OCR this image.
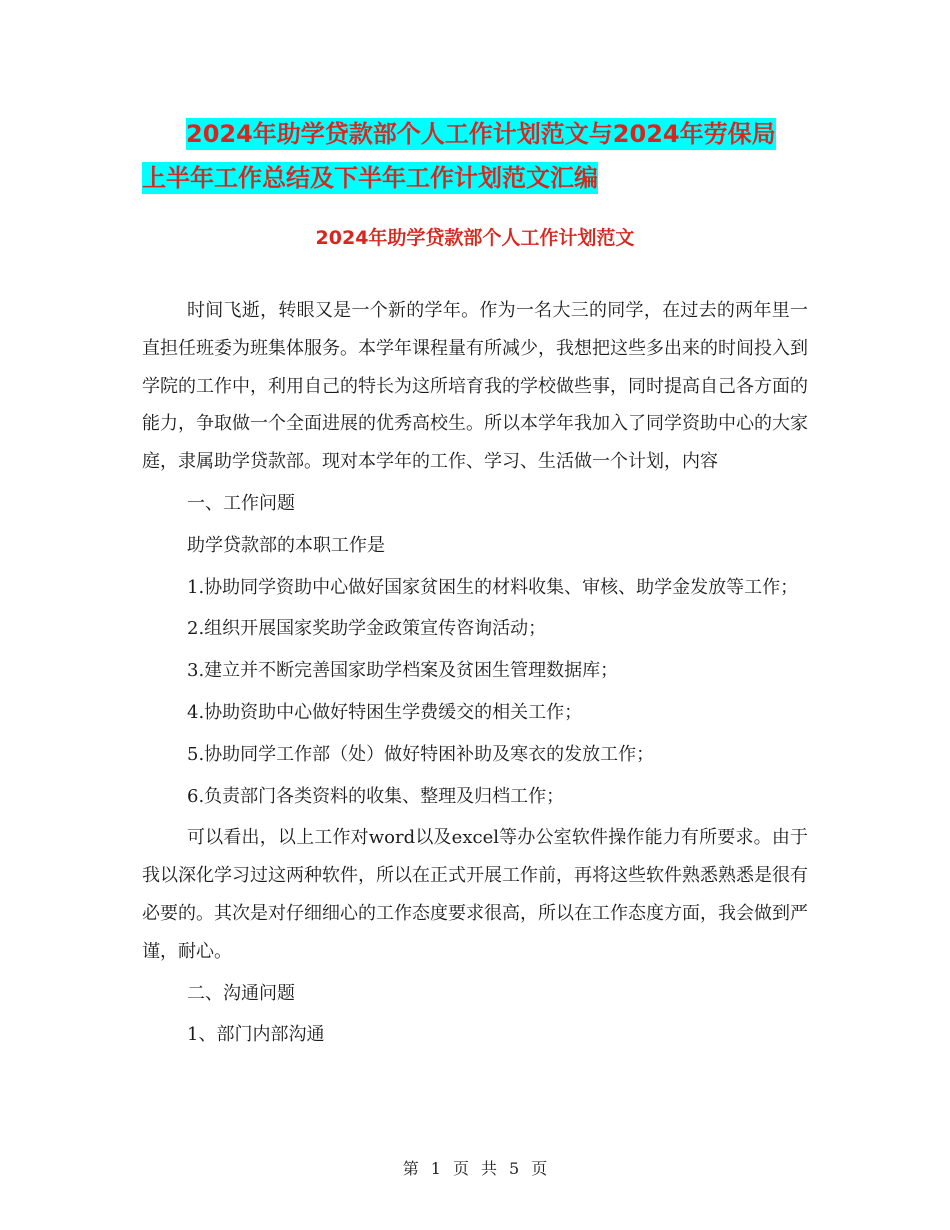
2024年助学贷款部个人工作计划范文与2024年劳保局
上半年工作总结及下半年工作计划范文汇编
2024年助学贷款部个人工作计划范文

时间飞逝，转眼又是一个新的学年。作为一名大三的同学，在过去的两年里一直担任班委为班集体服务。本学年课程量有所减少，我想把这些多出来的时间投入到学院的工作中，利用自己的特长为这所培育我的学校做些事，同时提高自己各方面的能力，争取做一个全面进展的优秀高校生。所以本学年我加入了同学资助中心的大家庭，隶属助学贷款部。现对本学年的工作、学习、生活做一个计划，内容

一、工作问题

助学贷款部的本职工作是

1.协助同学资助中心做好国家贫困生的材料收集、审核、助学金发放等工作；

2.组织开展国家奖助学金政策宣传咨询活动；

3.建立并不断完善国家助学档案及贫困生管理数据库；

4.协助资助中心做好特困生学费缓交的相关工作；

5.协助同学工作部（处）做好特困补助及寒衣的发放工作；

6.负责部门各类资料的收集、整理及归档工作；

可以看出，以上工作对word以及excel等办公室软件操作能力有所要求。由于我以深化学习过这两种软件，所以在正式开展工作前，再将这些软件熟悉熟悉是很有必要的。其次是对仔细细心的工作态度要求很高，所以在工作态度方面，我会做到严谨，耐心。

二、沟通问题

1、部门内部沟通

第 1 页 共 5 页
